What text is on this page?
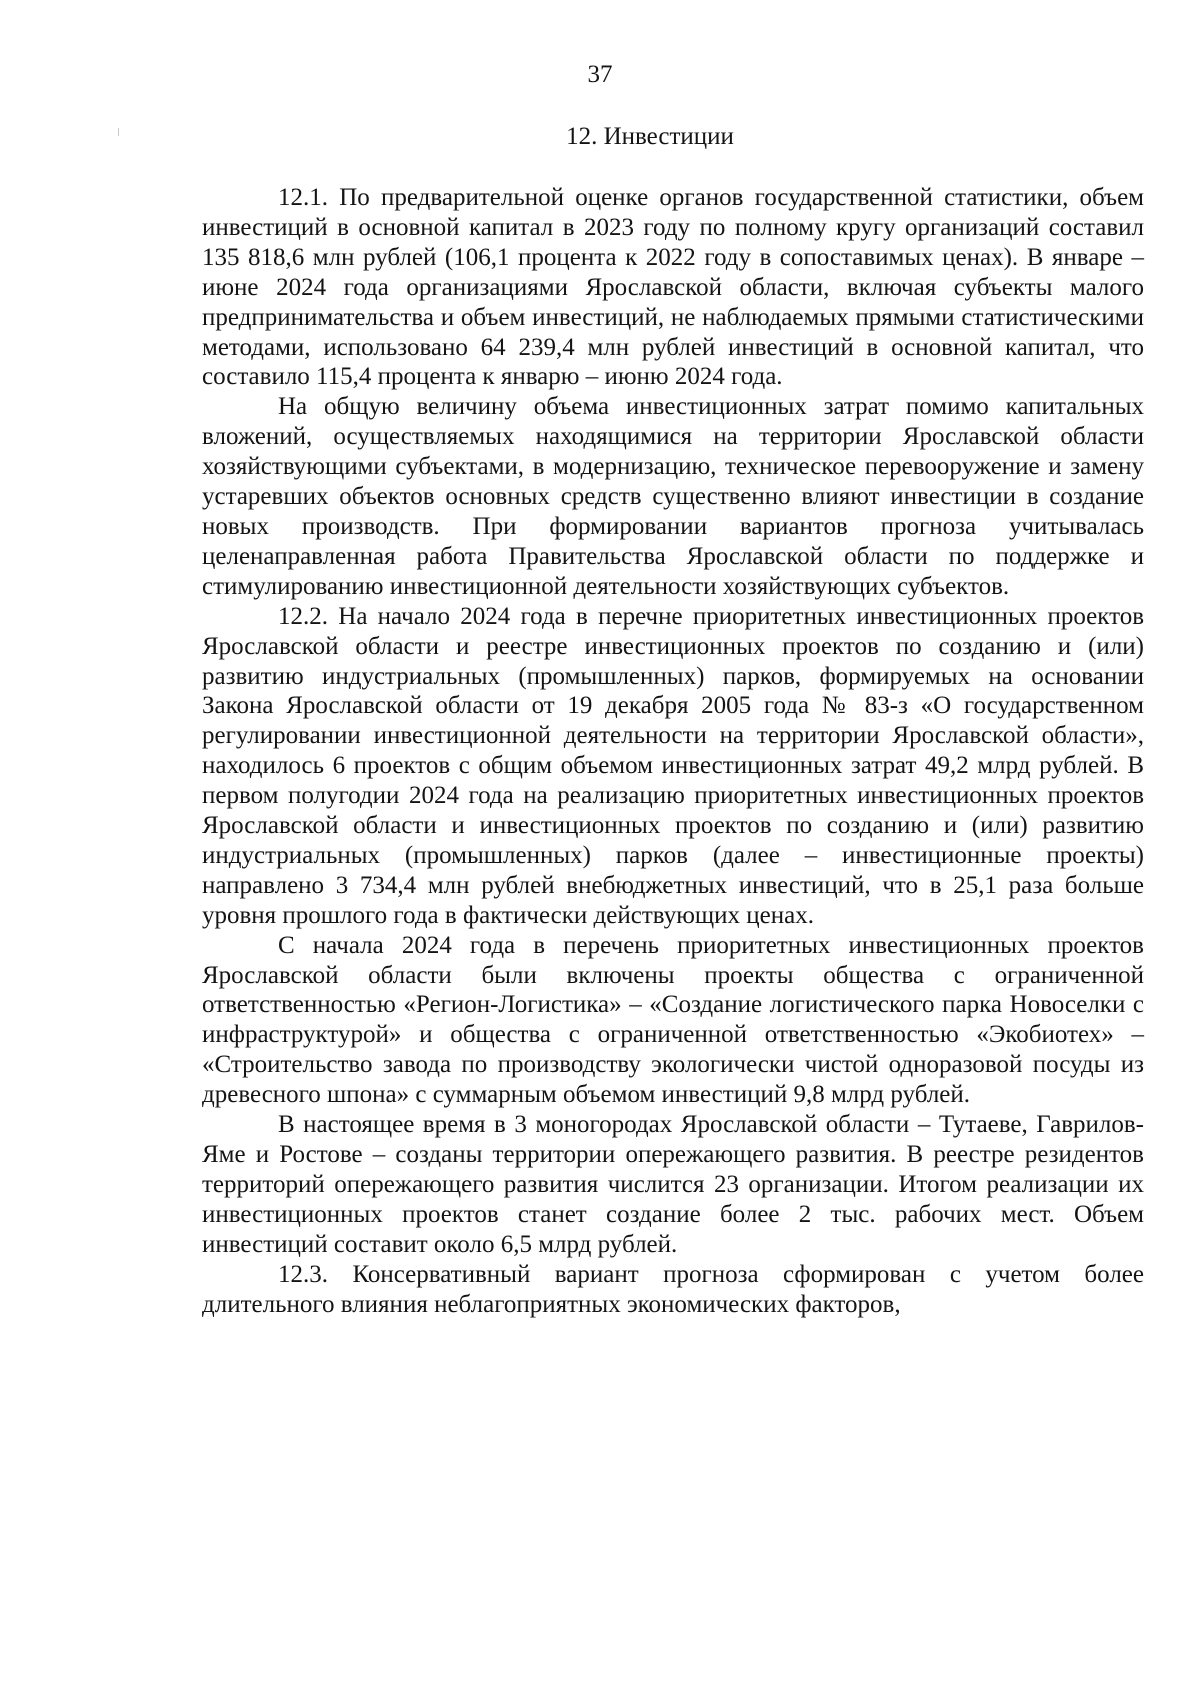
37
12. Инвестиции

12.1. По предварительной оценке органов государственной статистики, объем инвестиций в основной капитал в 2023 году по полному кругу организаций составил 135 818,6 млн рублей (106,1 процента к 2022 году в сопоставимых ценах). В январе – июне 2024 года организациями Ярославской области, включая субъекты малого предпринимательства и объем инвестиций, не наблюдаемых прямыми статистическими методами, использовано 64 239,4 млн рублей инвестиций в основной капитал, что составило 115,4 процента к январю – июню 2024 года.

На общую величину объема инвестиционных затрат помимо капитальных вложений, осуществляемых находящимися на территории Ярославской области хозяйствующими субъектами, в модернизацию, техническое перевооружение и замену устаревших объектов основных средств существенно влияют инвестиции в создание новых производств. При формировании вариантов прогноза учитывалась целенаправленная работа Правительства Ярославской области по поддержке и стимулированию инвестиционной деятельности хозяйствующих субъектов.

12.2. На начало 2024 года в перечне приоритетных инвестиционных проектов Ярославской области и реестре инвестиционных проектов по созданию и (или) развитию индустриальных (промышленных) парков, формируемых на основании Закона Ярославской области от 19 декабря 2005 года № 83-з «О государственном регулировании инвестиционной деятельности на территории Ярославской области», находилось 6 проектов с общим объемом инвестиционных затрат 49,2 млрд рублей. В первом полугодии 2024 года на реализацию приоритетных инвестиционных проектов Ярославской области и инвестиционных проектов по созданию и (или) развитию индустриальных (промышленных) парков (далее – инвестиционные проекты) направлено 3 734,4 млн рублей внебюджетных инвестиций, что в 25,1 раза больше уровня прошлого года в фактически действующих ценах.

С начала 2024 года в перечень приоритетных инвестиционных проектов Ярославской области были включены проекты общества с ограниченной ответственностью «Регион-Логистика» – «Создание логистического парка Новоселки с инфраструктурой» и общества с ограниченной ответственностью «Экобиотех» – «Строительство завода по производству экологически чистой одноразовой посуды из древесного шпона» с суммарным объемом инвестиций 9,8 млрд рублей.

В настоящее время в 3 моногородах Ярославской области – Тутаеве, Гаврилов-Яме и Ростове – созданы территории опережающего развития. В реестре резидентов территорий опережающего развития числится 23 организации. Итогом реализации их инвестиционных проектов станет создание более 2 тыс. рабочих мест. Объем инвестиций составит около 6,5 млрд рублей.

12.3. Консервативный вариант прогноза сформирован с учетом более длительного влияния неблагоприятных экономических факторов,
